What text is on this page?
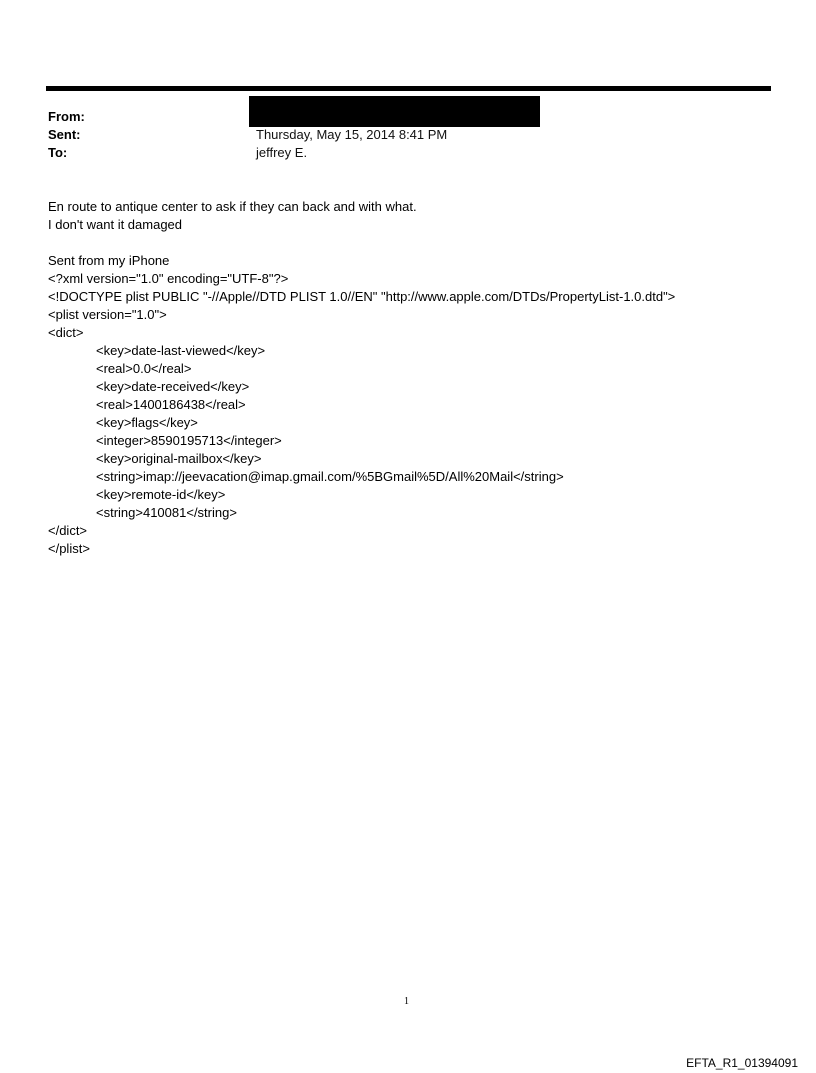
From:
Sent:	Thursday, May 15, 2014 8:41 PM
To:	jeffrey E.
En route to antique center to ask if they can back and with what.
I don't want it damaged
Sent from my iPhone
<?xml version="1.0" encoding="UTF-8"?>
<!DOCTYPE plist PUBLIC "-//Apple//DTD PLIST 1.0//EN" "http://www.apple.com/DTDs/PropertyList-1.0.dtd">
<plist version="1.0">
<dict>
<key>date-last-viewed</key>
<real>0.0</real>
<key>date-received</key>
<real>1400186438</real>
<key>flags</key>
<integer>8590195713</integer>
<key>original-mailbox</key>
<string>imap://jeevacation@imap.gmail.com/%5BGmail%5D/All%20Mail</string>
<key>remote-id</key>
<string>410081</string>
</dict>
</plist>
1
EFTA_R1_01394091
